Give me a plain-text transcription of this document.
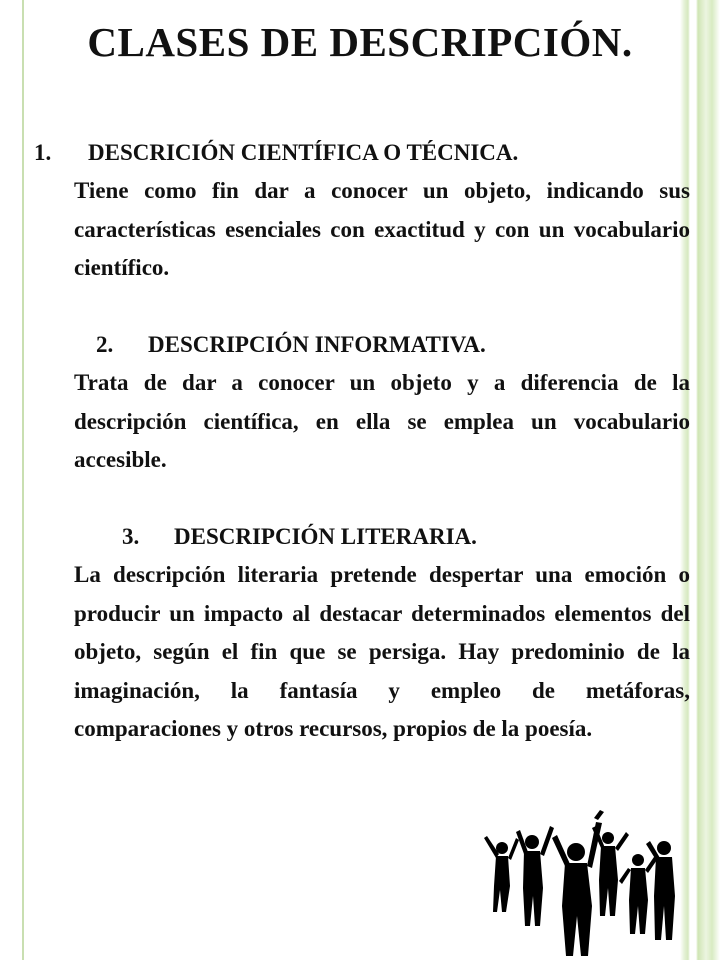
CLASES DE DESCRIPCIÓN.
1. DESCRICIÓN CIENTÍFICA O TÉCNICA.
Tiene como fin dar a conocer un objeto, indicando sus características esenciales con exactitud y con un vocabulario científico.
2. DESCRIPCIÓN INFORMATIVA.
Trata de dar a conocer un objeto y a diferencia de la descripción científica, en ella se emplea un vocabulario accesible.
3. DESCRIPCIÓN LITERARIA.
La descripción literaria pretende despertar una emoción o producir un impacto al destacar determinados elementos del objeto, según el fin que se persiga. Hay predominio de la imaginación, la fantasía y empleo de metáforas, comparaciones y otros recursos, propios de la poesía.
